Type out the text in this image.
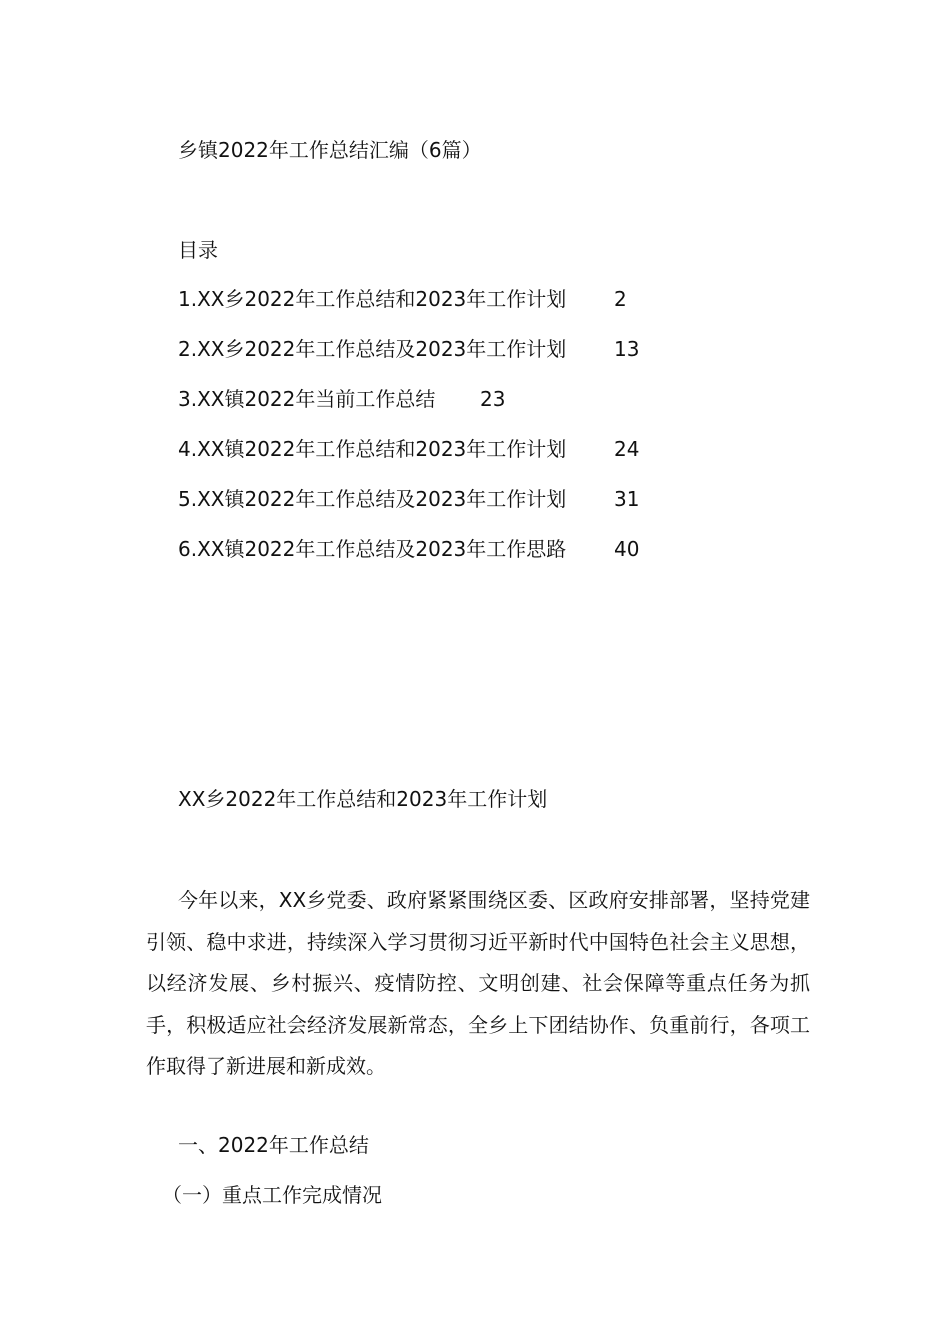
乡镇2022年工作总结汇编（6篇）
目录
1.XX乡2022年工作总结和2023年工作计划 2
2.XX乡2022年工作总结及2023年工作计划 13
3.XX镇2022年当前工作总结 23
4.XX镇2022年工作总结和2023年工作计划 24
5.XX镇2022年工作总结及2023年工作计划 31
6.XX镇2022年工作总结及2023年工作思路 40
XX乡2022年工作总结和2023年工作计划

今年以来，XX乡党委、政府紧紧围绕区委、区政府安排部署，坚持党建引领、稳中求进，持续深入学习贯彻习近平新时代中国特色社会主义思想，以经济发展、乡村振兴、疫情防控、文明创建、社会保障等重点任务为抓手，积极适应社会经济发展新常态，全乡上下团结协作、负重前行，各项工作取得了新进展和新成效。

一、2022年工作总结
（一）重点工作完成情况
